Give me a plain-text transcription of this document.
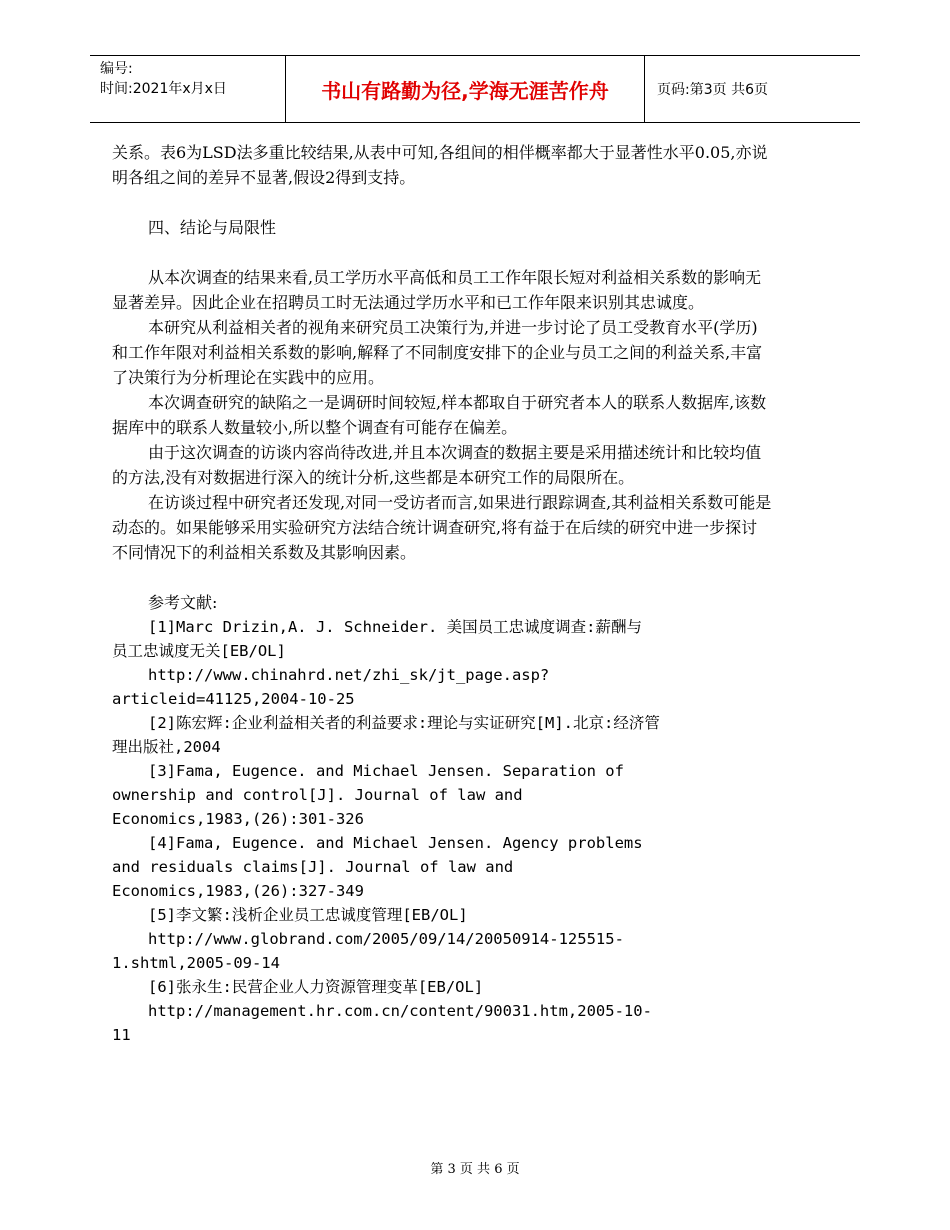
编号:
时间:2021年x月x日	书山有路勤为径,学海无涯苦作舟	页码:第3页 共6页

关系。表6为LSD法多重比较结果,从表中可知,各组间的相伴概率都大于显著性水平0.05,亦说明各组之间的差异不显著,假设2得到支持。

四、结论与局限性

从本次调查的结果来看,员工学历水平高低和员工工作年限长短对利益相关系数的影响无显著差异。因此企业在招聘员工时无法通过学历水平和已工作年限来识别其忠诚度。

本研究从利益相关者的视角来研究员工决策行为,并进一步讨论了员工受教育水平(学历)和工作年限对利益相关系数的影响,解释了不同制度安排下的企业与员工之间的利益关系,丰富了决策行为分析理论在实践中的应用。

本次调查研究的缺陷之一是调研时间较短,样本都取自于研究者本人的联系人数据库,该数据库中的联系人数量较小,所以整个调查有可能存在偏差。

由于这次调查的访谈内容尚待改进,并且本次调查的数据主要是采用描述统计和比较均值的方法,没有对数据进行深入的统计分析,这些都是本研究工作的局限所在。

在访谈过程中研究者还发现,对同一受访者而言,如果进行跟踪调查,其利益相关系数可能是动态的。如果能够采用实验研究方法结合统计调查研究,将有益于在后续的研究中进一步探讨不同情况下的利益相关系数及其影响因素。

参考文献:

[1]Marc Drizin,A. J. Schneider. 美国员工忠诚度调查:薪酬与
员工忠诚度无关[EB/OL]

http://www.chinahrd.net/zhi_sk/jt_page.asp?
articleid=41125,2004-10-25
[2]陈宏辉:企业利益相关者的利益要求:理论与实证研究[M].北京:经济管
理出版社,2004
[3]Fama, Eugence. and Michael Jensen. Separation of
ownership and control[J]. Journal of law and
Economics,1983,(26):301-326
[4]Fama, Eugence. and Michael Jensen. Agency problems
and residuals claims[J]. Journal of law and
Economics,1983,(26):327-349
[5]李文繁:浅析企业员工忠诚度管理[EB/OL]
http://www.globrand.com/2005/09/14/20050914-125515-
1.shtml,2005-09-14
[6]张永生:民营企业人力资源管理变革[EB/OL]
http://management.hr.com.cn/content/90031.htm,2005-10-
11
第 3 页 共 6 页
